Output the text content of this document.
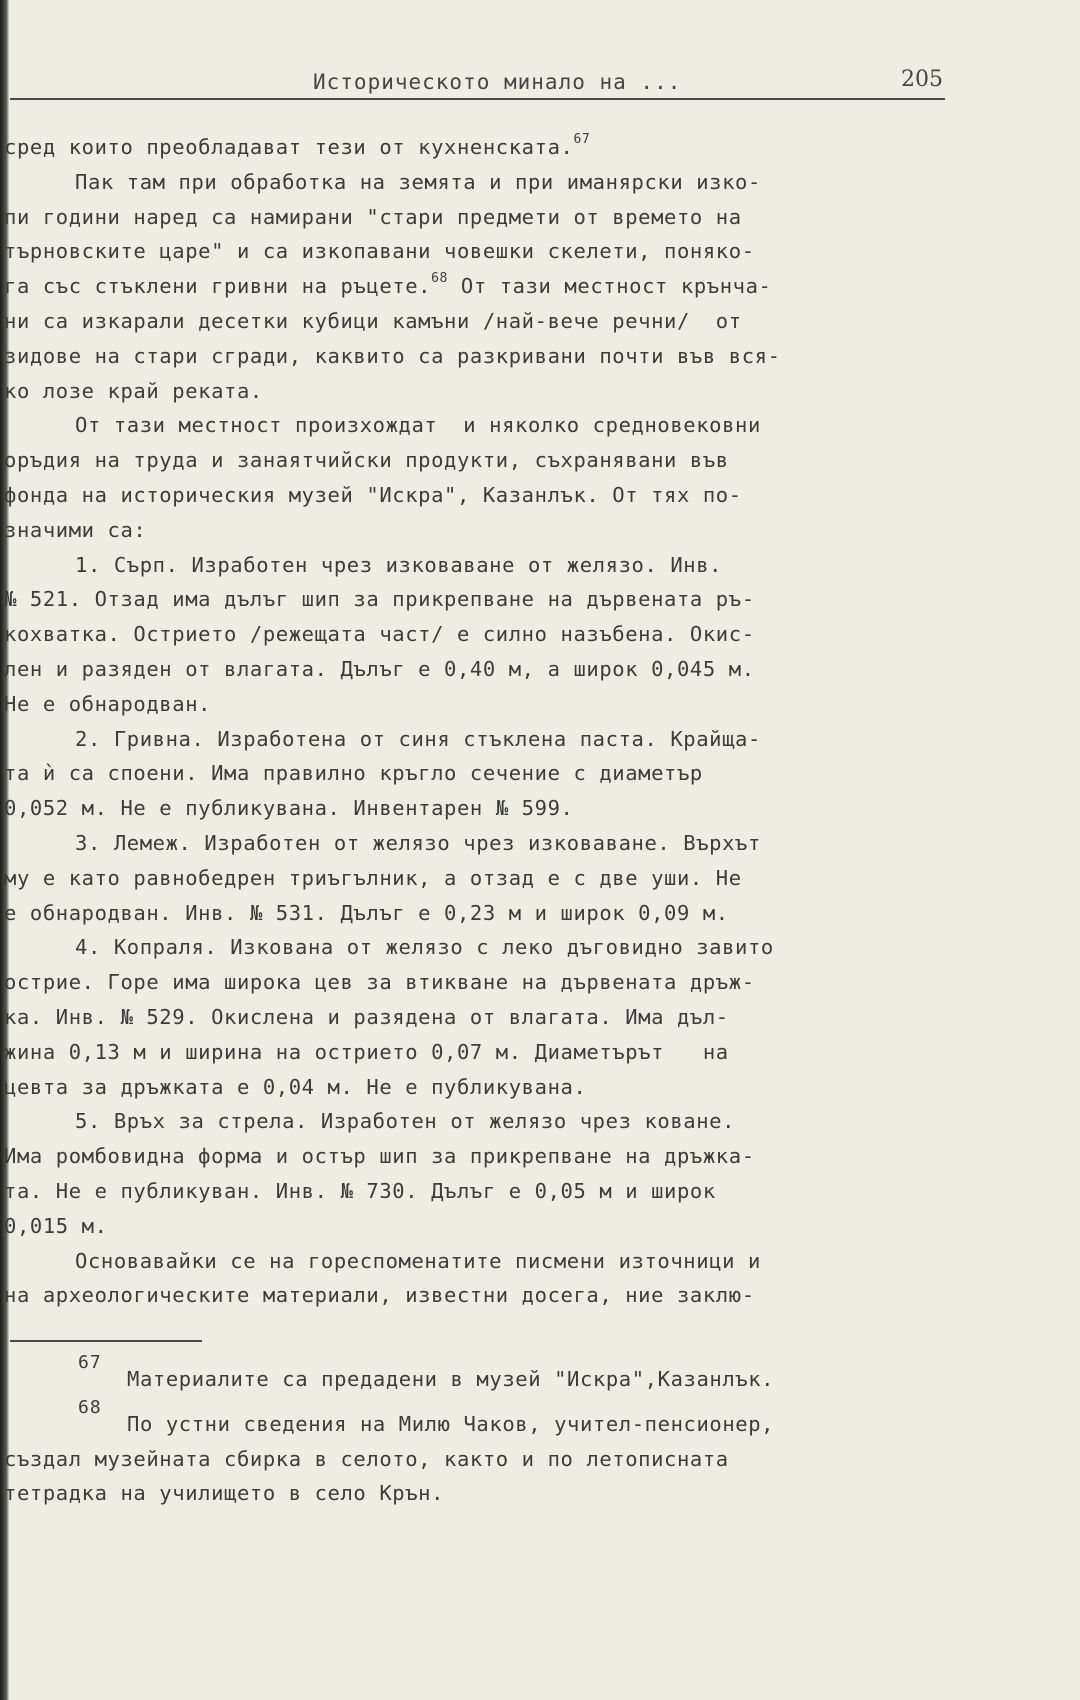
Историческото минало на ...	205
сред които преобладават тези от кухненската.$^{67}$
Пак там при обработка на земята и при иманярски изко-
пи години наред са намирани "стари предмети от времето на
търновските царе" и са изкопавани човешки скелети, поняко-
га със стъклени гривни на ръцете.$^{68}$ От тази местност крънча-
ни са изкарали десетки кубици камъни /най-вече речни/  от
зидове на стари сгради, каквито са разкривани почти във вся-
ко лозе край реката.
От тази местност произхождат  и няколко средновековни
оръдия на труда и занаятчийски продукти, съхранявани във
фонда на историческия музей "Искра", Казанлък. От тях по-
значими са:
1. Сърп. Изработен чрез изковаване от желязо. Инв.
№ 521. Отзад има дълъг шип за прикрепване на дървената ръ-
кохватка. Острието /режещата част/ е силно назъбена. Окис-
лен и разяден от влагата. Дълъг е 0,40 м, а широк 0,045 м.
Не е обнародван.
2. Гривна. Изработена от синя стъклена паста. Крайща-
та ѝ са споени. Има правилно кръгло сечение с диаметър
0,052 м. Не е публикувана. Инвентарен № 599.
3. Лемеж. Изработен от желязо чрез изковаване. Върхът
му е като равнобедрен триъгълник, а отзад е с две уши. Не
е обнародван. Инв. № 531. Дълъг е 0,23 м и широк 0,09 м.
4. Копраля. Изкована от желязо с леко дъговидно завито
острие. Горе има широка цев за втикване на дървената дръж-
ка. Инв. № 529. Окислена и разядена от влагата. Има дъл-
жина 0,13 м и ширина на острието 0,07 м. Диаметърът   на
цевта за дръжката е 0,04 м. Не е публикувана.
5. Връх за стрела. Изработен от желязо чрез коване.
Има ромбовидна форма и остър шип за прикрепване на дръжка-
та. Не е публикуван. Инв. № 730. Дълъг е 0,05 м и широк
0,015 м.
Основавайки се на гореспоменатите писмени източници и
на археологическите материали, известни досега, ние заклю-
67
Материалите са предадени в музей "Искра",Казанлък.
68
По устни сведения на Милю Чаков, учител-пенсионер,
създал музейната сбирка в селото, както и по летописната
тетрадка на училището в село Крън.
